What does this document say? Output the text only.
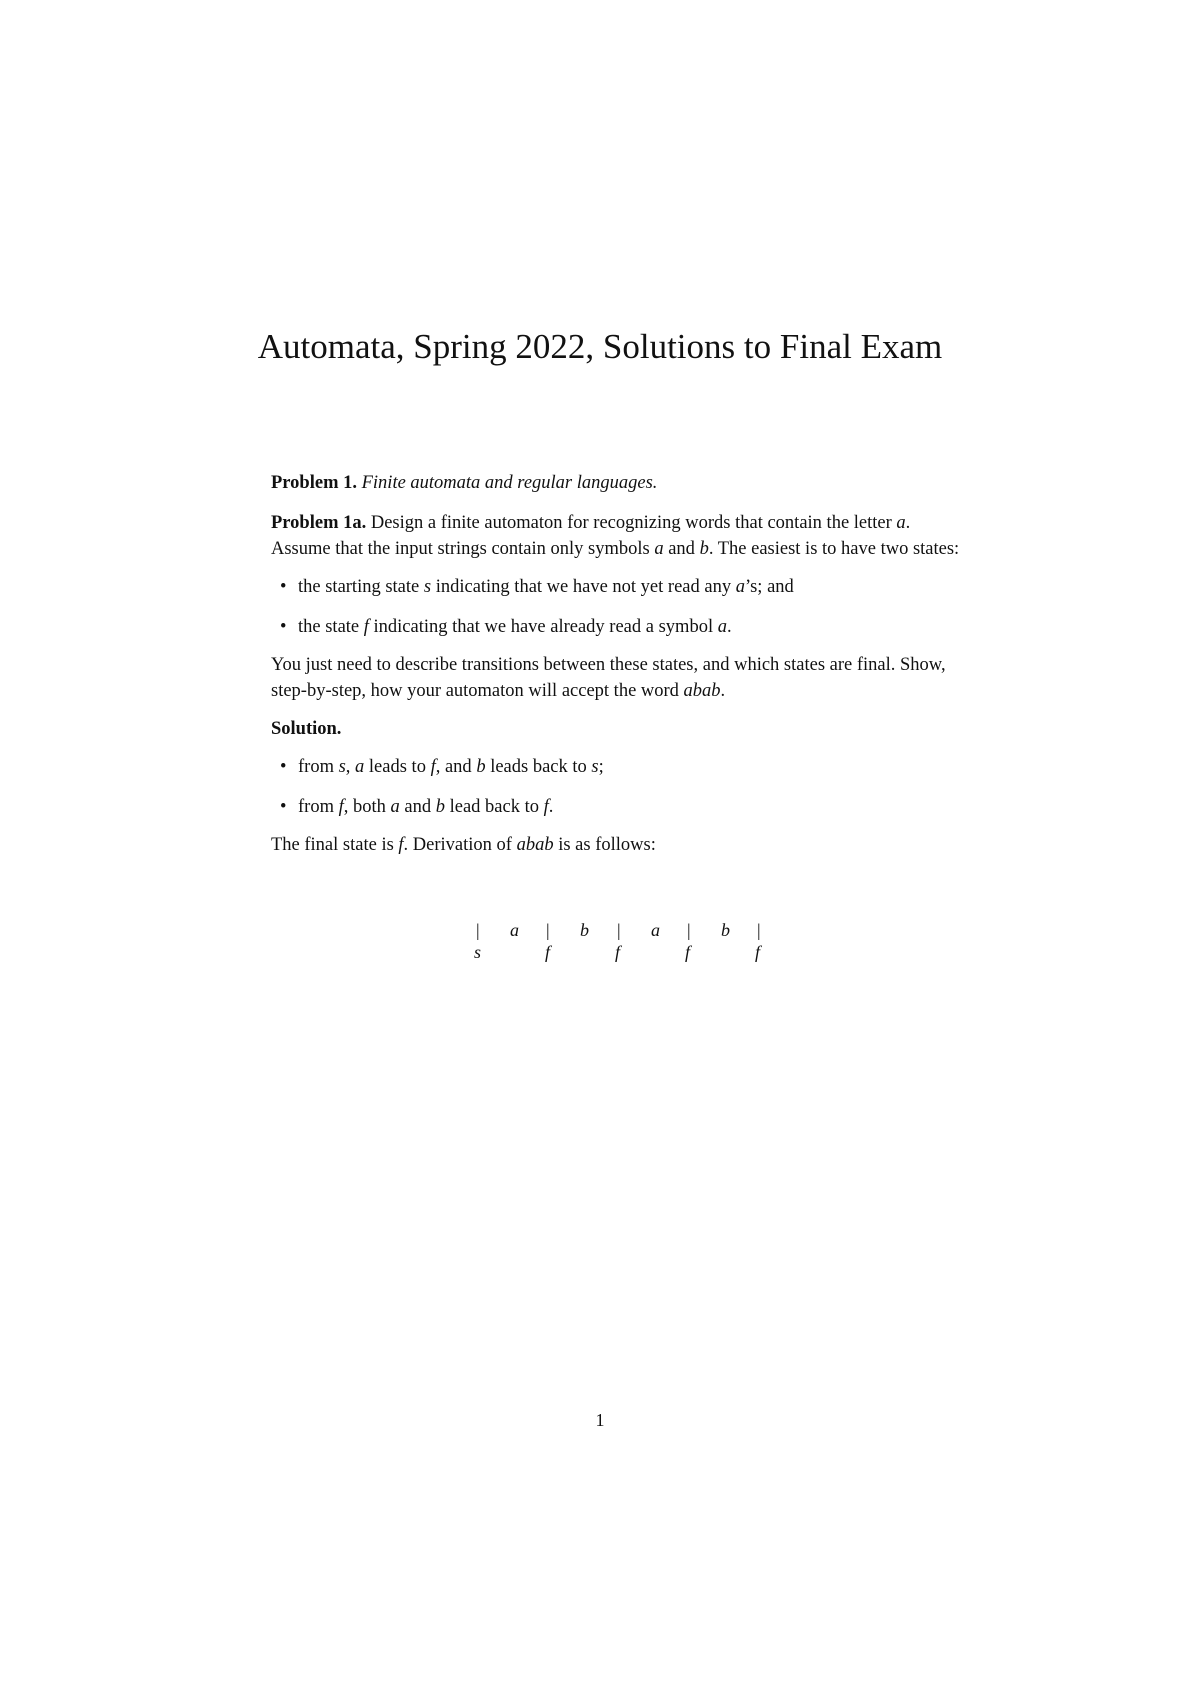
Automata, Spring 2022, Solutions to Final Exam

Problem 1. Finite automata and regular languages.

Problem 1a. Design a finite automaton for recognizing words that contain the letter a. Assume that the input strings contain only symbols a and b. The easiest is to have two states:

• the starting state s indicating that we have not yet read any a’s; and
• the state f indicating that we have already read a symbol a.

You just need to describe transitions between these states, and which states are final. Show, step-by-step, how your automaton will accept the word abab.

Solution.

• from s, a leads to f, and b leads back to s;
• from f, both a and b lead back to f.

The final state is f. Derivation of abab is as follows:

| a | b | a | b |
s	f	f	f	f
1
